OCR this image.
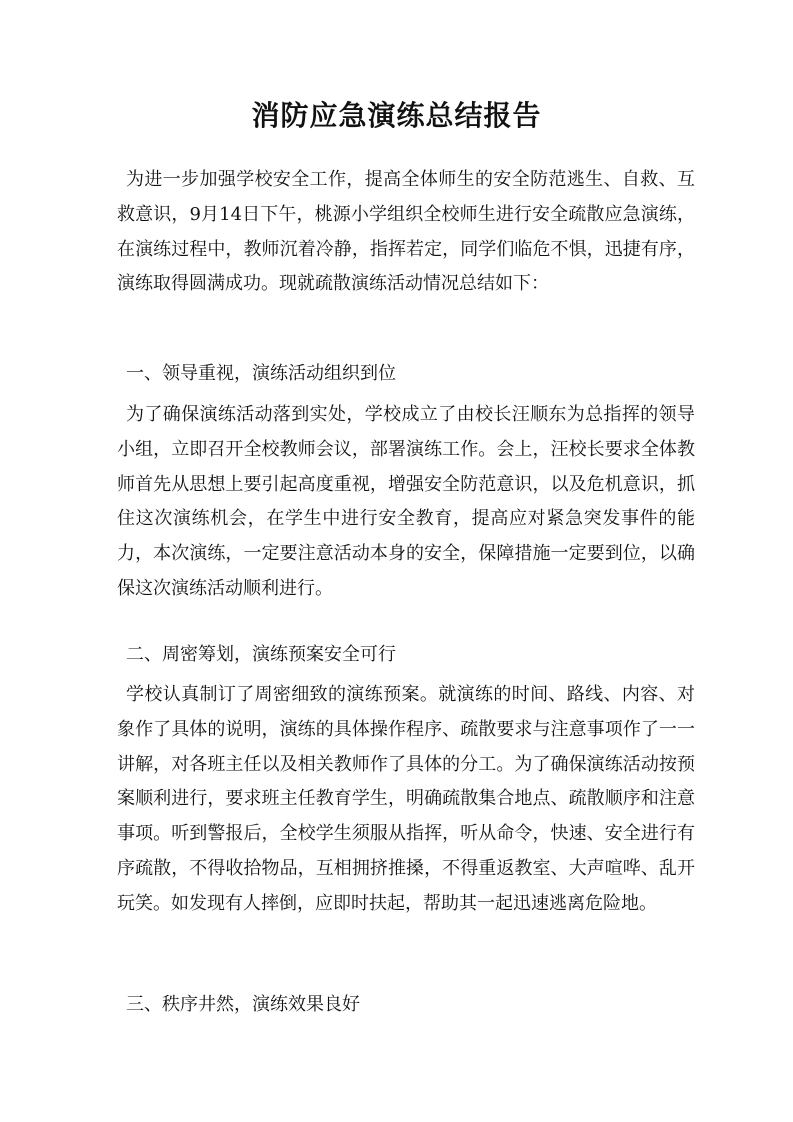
消防应急演练总结报告

为进一步加强学校安全工作，提高全体师生的安全防范逃生、自救、互救意识，9月14日下午，桃源小学组织全校师生进行安全疏散应急演练，在演练过程中，教师沉着冷静，指挥若定，同学们临危不惧，迅捷有序，演练取得圆满成功。现就疏散演练活动情况总结如下：

一、领导重视，演练活动组织到位

为了确保演练活动落到实处，学校成立了由校长汪顺东为总指挥的领导小组，立即召开全校教师会议，部署演练工作。会上，汪校长要求全体教师首先从思想上要引起高度重视，增强安全防范意识，以及危机意识，抓住这次演练机会，在学生中进行安全教育，提高应对紧急突发事件的能力，本次演练，一定要注意活动本身的安全，保障措施一定要到位，以确保这次演练活动顺利进行。

二、周密筹划，演练预案安全可行

学校认真制订了周密细致的演练预案。就演练的时间、路线、内容、对象作了具体的说明，演练的具体操作程序、疏散要求与注意事项作了一一讲解，对各班主任以及相关教师作了具体的分工。为了确保演练活动按预案顺利进行，要求班主任教育学生，明确疏散集合地点、疏散顺序和注意事项。听到警报后，全校学生须服从指挥，听从命令，快速、安全进行有序疏散，不得收拾物品，互相拥挤推搡，不得重返教室、大声喧哗、乱开玩笑。如发现有人摔倒，应即时扶起，帮助其一起迅速逃离危险地。

三、秩序井然，演练效果良好
